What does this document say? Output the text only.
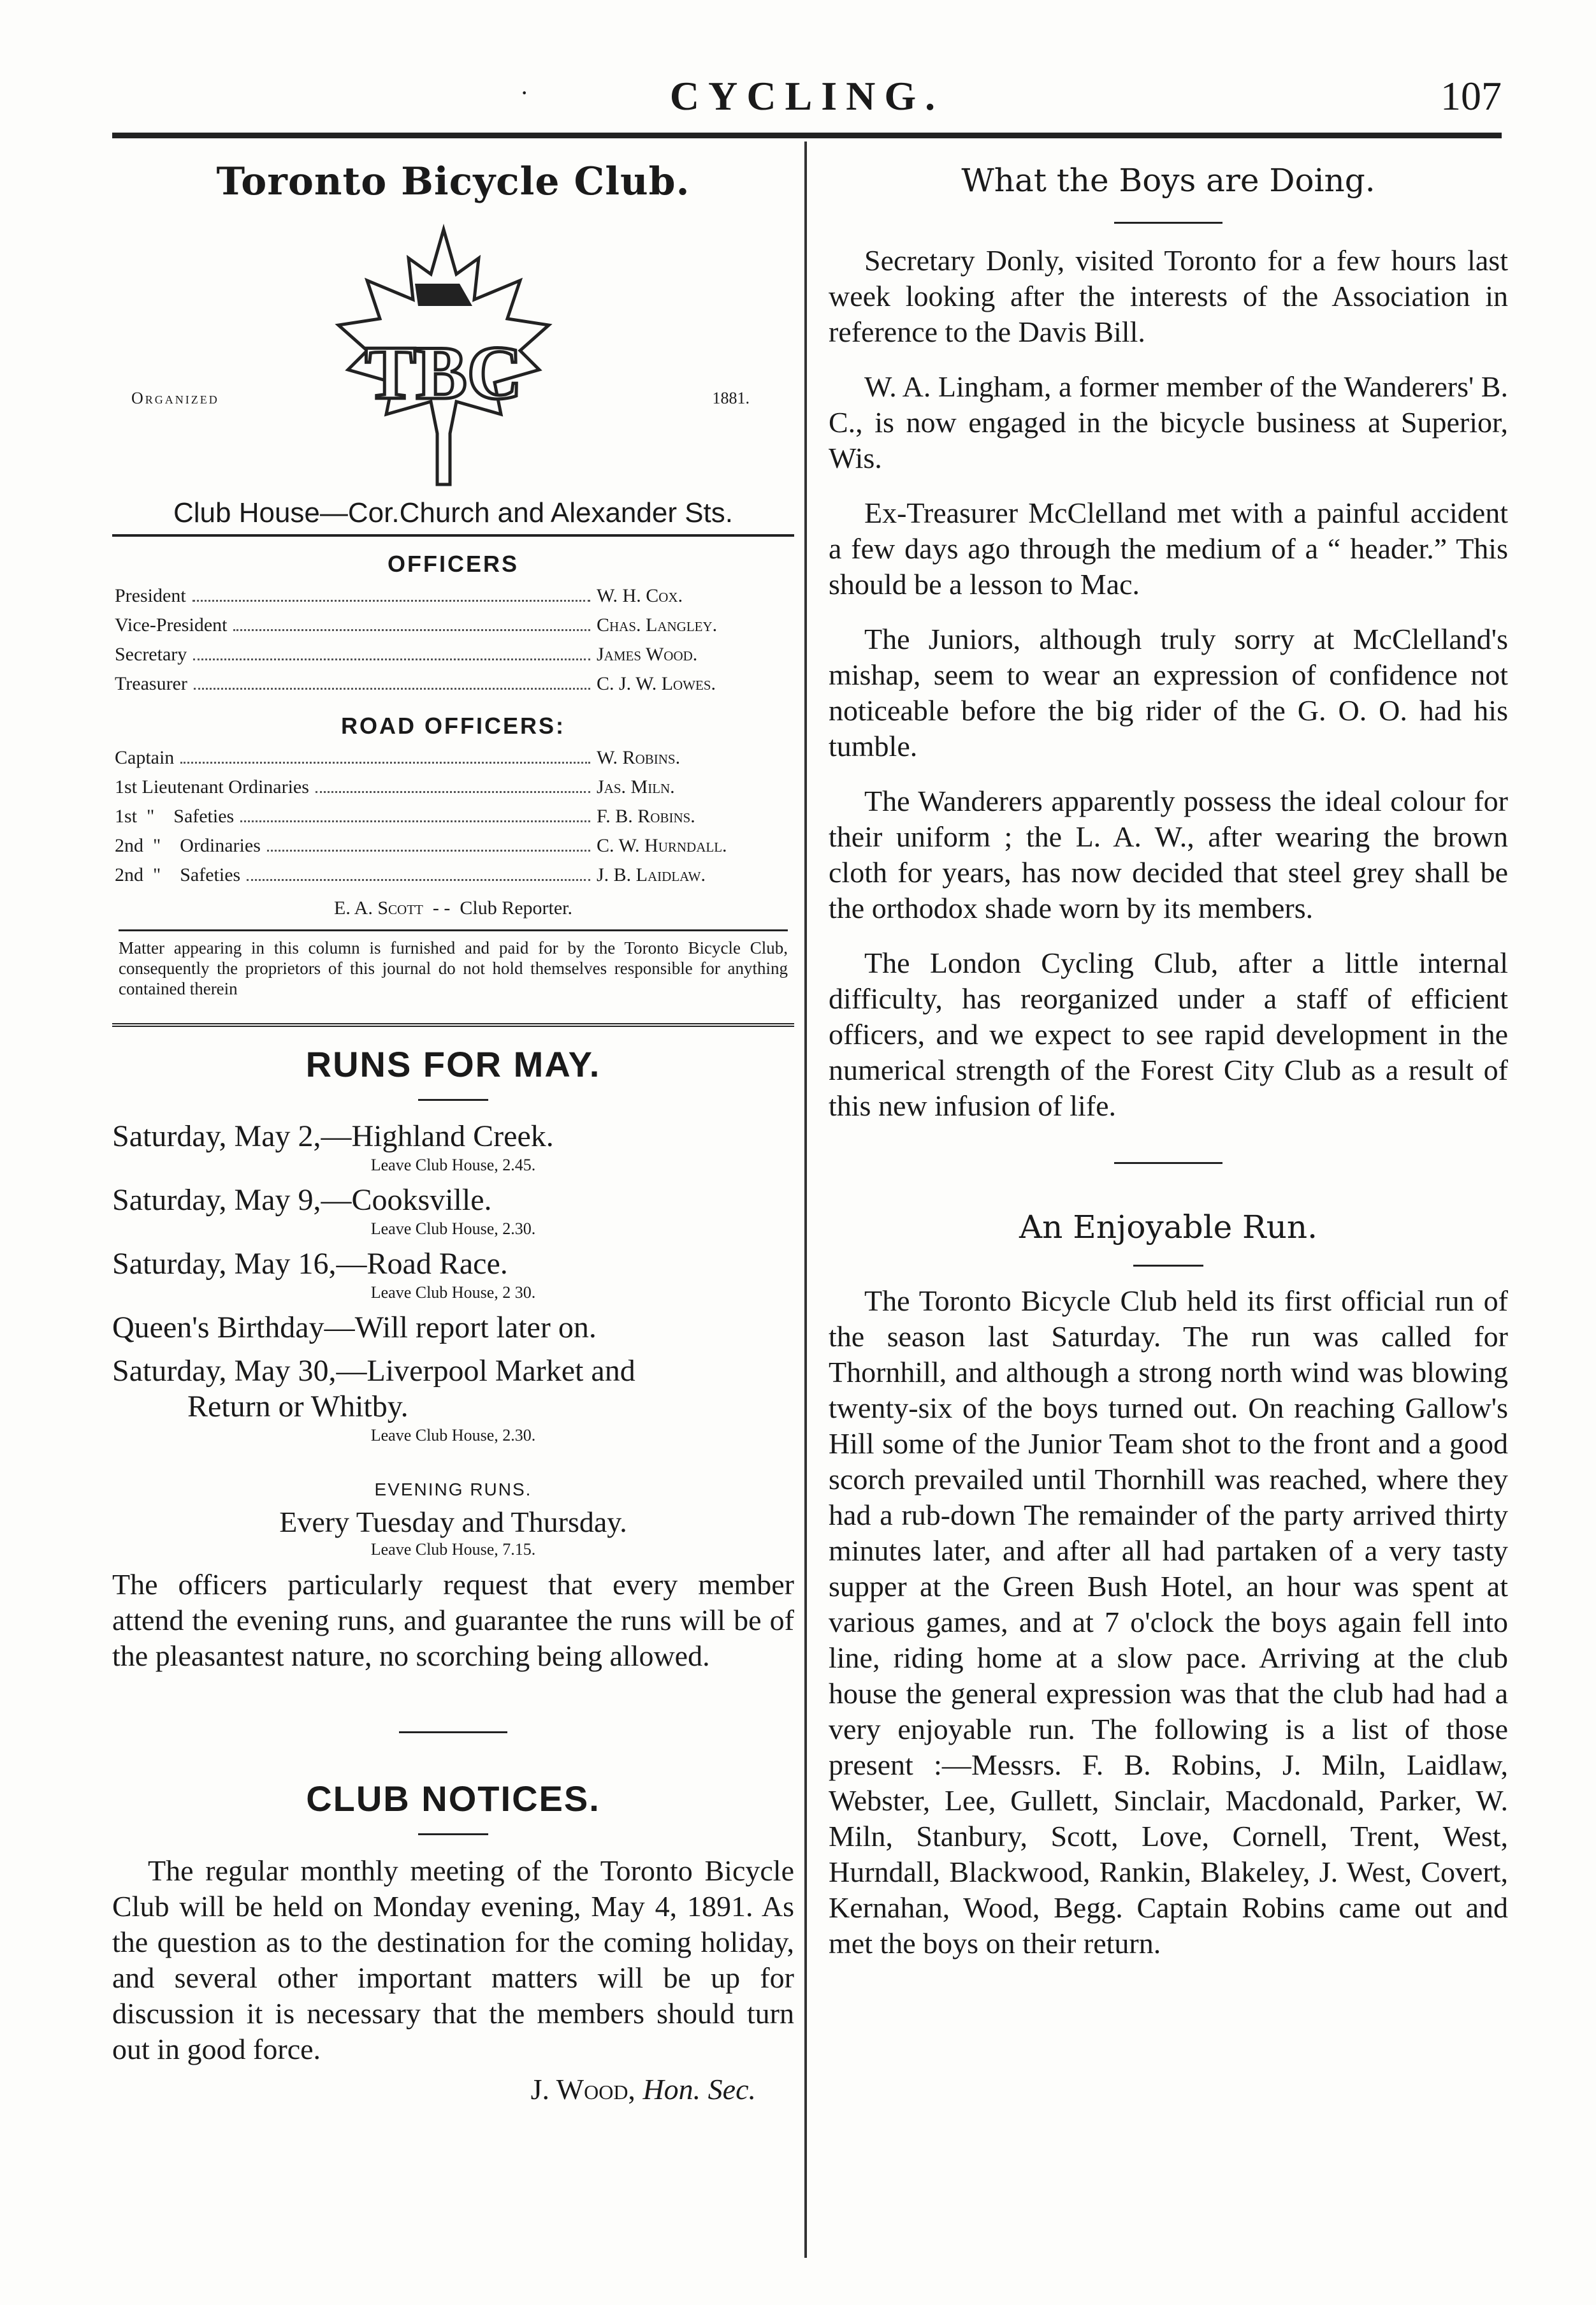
·	CYCLING.	107
Toronto Bicycle Club.
Organized TBC	1881.
Club House—Cor.Church and Alexander Sts.
OFFICERS
President	W. H. Cox.
Vice-President	Chas. Langley.
Secretary	James Wood.
Treasurer	C. J. W. Lowes.
ROAD OFFICERS:
Captain	W. Robins.
1st Lieutenant Ordinaries	Jas. Miln.
1st  "    Safeties	F. B. Robins.
2nd  "    Ordinaries	C. W. Hurndall.
2nd  "    Safeties	J. B. Laidlaw.
E. A. Scott - - Club Reporter.
Matter appearing in this column is furnished and paid for by the Toronto Bicycle Club, consequently the proprietors of this journal do not hold themselves responsible for anything contained therein
RUNS FOR MAY.
Saturday, May 2,—Highland Creek.
Leave Club House, 2.45.
Saturday, May 9,—Cooksville.
Leave Club House, 2.30.
Saturday, May 16,—Road Race.
Leave Club House, 2 30.
Queen's Birthday—Will report later on.
Saturday, May 30,—Liverpool Market and
Return or Whitby.
Leave Club House, 2.30.
EVENING RUNS.
Every Tuesday and Thursday.
Leave Club House, 7.15.

The officers particularly request that every member attend the evening runs, and guarantee the runs will be of the pleasantest nature, no scorching being allowed.

CLUB NOTICES.

The regular monthly meeting of the Toronto Bicycle Club will be held on Monday evening, May 4, 1891. As the question as to the destination for the coming holiday, and several other important matters will be up for discussion it is necessary that the members should turn out in good force.

J. Wood, Hon. Sec.
What the Boys are Doing.

Secretary Donly, visited Toronto for a few hours last week looking after the interests of the Association in reference to the Davis Bill.

W. A. Lingham, a former member of the Wanderers' B. C., is now engaged in the bicycle business at Superior, Wis.

Ex-Treasurer McClelland met with a painful accident a few days ago through the medium of a “ header.” This should be a lesson to Mac.

The Juniors, although truly sorry at McClelland's mishap, seem to wear an expression of confidence not noticeable before the big rider of the G. O. O. had his tumble.

The Wanderers apparently possess the ideal colour for their uniform ; the L. A. W., after wearing the brown cloth for years, has now decided that steel grey shall be the orthodox shade worn by its members.

The London Cycling Club, after a little internal difficulty, has reorganized under a staff of efficient officers, and we expect to see rapid development in the numerical strength of the Forest City Club as a result of this new infusion of life.

An Enjoyable Run.

The Toronto Bicycle Club held its first official run of the season last Saturday. The run was called for Thornhill, and although a strong north wind was blowing twenty-six of the boys turned out. On reaching Gallow's Hill some of the Junior Team shot to the front and a good scorch prevailed until Thornhill was reached, where they had a rub-down The remainder of the party arrived thirty minutes later, and after all had partaken of a very tasty supper at the Green Bush Hotel, an hour was spent at various games, and at 7 o'clock the boys again fell into line, riding home at a slow pace. Arriving at the club house the general expression was that the club had had a very enjoyable run. The following is a list of those present :—Messrs. F. B. Robins, J. Miln, Laidlaw, Webster, Lee, Gullett, Sinclair, Macdonald, Parker, W. Miln, Stanbury, Scott, Love, Cornell, Trent, West, Hurndall, Blackwood, Rankin, Blakeley, J. West, Covert, Kernahan, Wood, Begg. Captain Robins came out and met the boys on their return.
